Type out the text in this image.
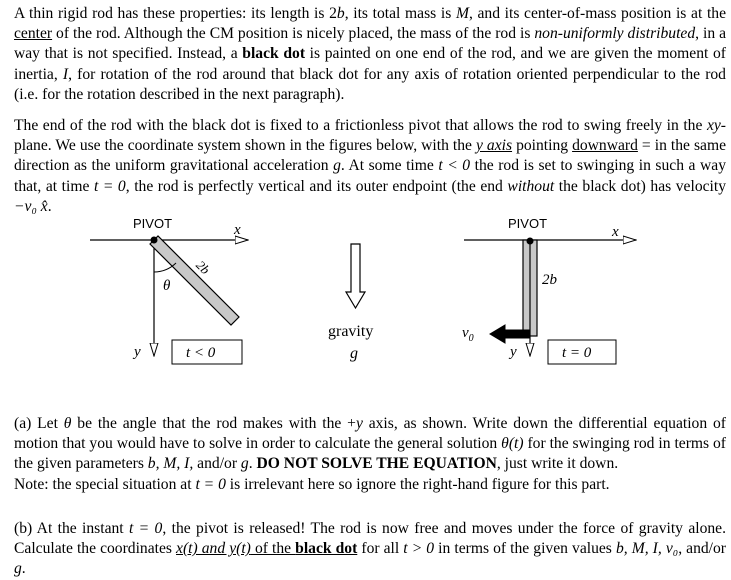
A thin rigid rod has these properties: its length is 2b, its total mass is M, and its center-of-mass position is at the center of the rod. Although the CM position is nicely placed, the mass of the rod is non-uniformly distributed, in a way that is not specified. Instead, a black dot is painted on one end of the rod, and we are given the moment of inertia, I, for rotation of the rod around that black dot for any axis of rotation oriented perpendicular to the rod (i.e. for the rotation described in the next paragraph).

The end of the rod with the black dot is fixed to a frictionless pivot that allows the rod to swing freely in the xy-plane. We use the coordinate system shown in the figures below, with the y axis pointing downward = in the same direction as the uniform gravitational acceleration g. At some time t < 0 the rod is set to swinging in such a way that, at time t = 0, the rod is perfectly vertical and its outer endpoint (the end without the black dot) has velocity −v₀ x̂.

PIVOT	x
y
θ
2b
t < 0
gravity
g
PIVOT
x
y
2b
$v_0$
t = 0

(a) Let θ be the angle that the rod makes with the +y axis, as shown. Write down the differential equation of motion that you would have to solve in order to calculate the general solution θ(t) for the swinging rod in terms of the given parameters b, M, I, and/or g. DO NOT SOLVE THE EQUATION, just write it down.
Note: the special situation at t = 0 is irrelevant here so ignore the right-hand figure for this part.

(b) At the instant t = 0, the pivot is released! The rod is now free and moves under the force of gravity alone. Calculate the coordinates x(t) and y(t) of the black dot for all t > 0 in terms of the given values b, M, I, v₀, and/or g.
